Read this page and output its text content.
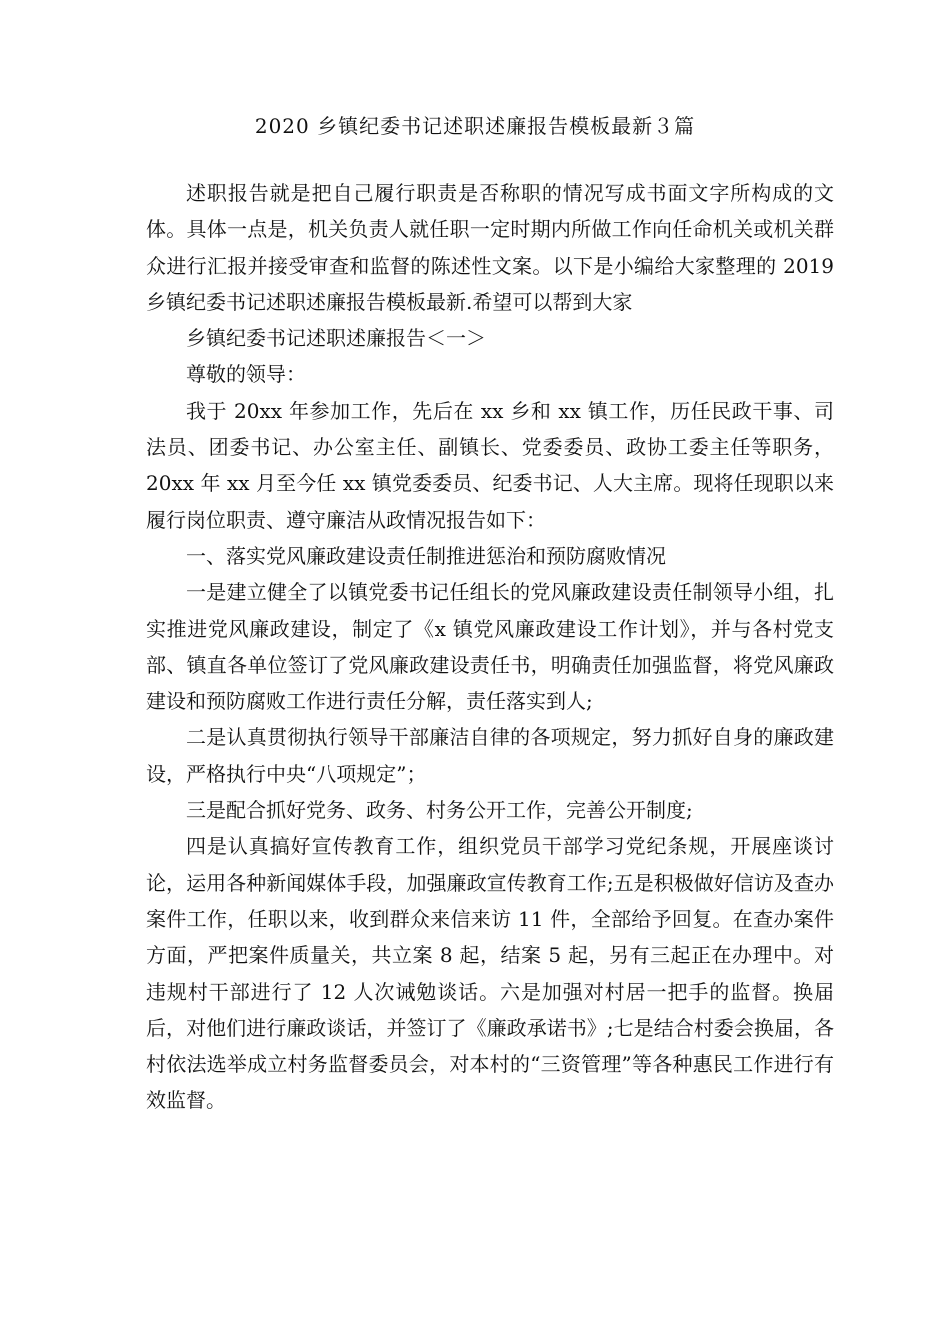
2020 乡镇纪委书记述职述廉报告模板最新３篇

述职报告就是把自己履行职责是否称职的情况写成书面文字所构成的文体。具体一点是，机关负责人就任职一定时期内所做工作向任命机关或机关群众进行汇报并接受审查和监督的陈述性文案。以下是小编给大家整理的 2019 乡镇纪委书记述职述廉报告模板最新.希望可以帮到大家

乡镇纪委书记述职述廉报告＜一＞

尊敬的领导：

我于 20xx 年参加工作，先后在 xx 乡和 xx 镇工作，历任民政干事、司法员、团委书记、办公室主任、副镇长、党委委员、政协工委主任等职务，20xx 年 xx 月至今任 xx 镇党委委员、纪委书记、人大主席。现将任现职以来履行岗位职责、遵守廉洁从政情况报告如下：

一、落实党风廉政建设责任制推进惩治和预防腐败情况

一是建立健全了以镇党委书记任组长的党风廉政建设责任制领导小组，扎实推进党风廉政建设，制定了《x 镇党风廉政建设工作计划》，并与各村党支部、镇直各单位签订了党风廉政建设责任书，明确责任加强监督，将党风廉政建设和预防腐败工作进行责任分解，责任落实到人;

二是认真贯彻执行领导干部廉洁自律的各项规定，努力抓好自身的廉政建设，严格执行中央“八项规定”；

三是配合抓好党务、政务、村务公开工作，完善公开制度;

四是认真搞好宣传教育工作，组织党员干部学习党纪条规，开展座谈讨论，运用各种新闻媒体手段，加强廉政宣传教育工作;五是积极做好信访及查办案件工作，任职以来，收到群众来信来访 11 件，全部给予回复。在查办案件方面，严把案件质量关，共立案 8 起，结案 5 起，另有三起正在办理中。对违规村干部进行了 12 人次诫勉谈话。六是加强对村居一把手的监督。换届后，对他们进行廉政谈话，并签订了《廉政承诺书》;七是结合村委会换届，各村依法选举成立村务监督委员会，对本村的“三资管理”等各种惠民工作进行有效监督。
